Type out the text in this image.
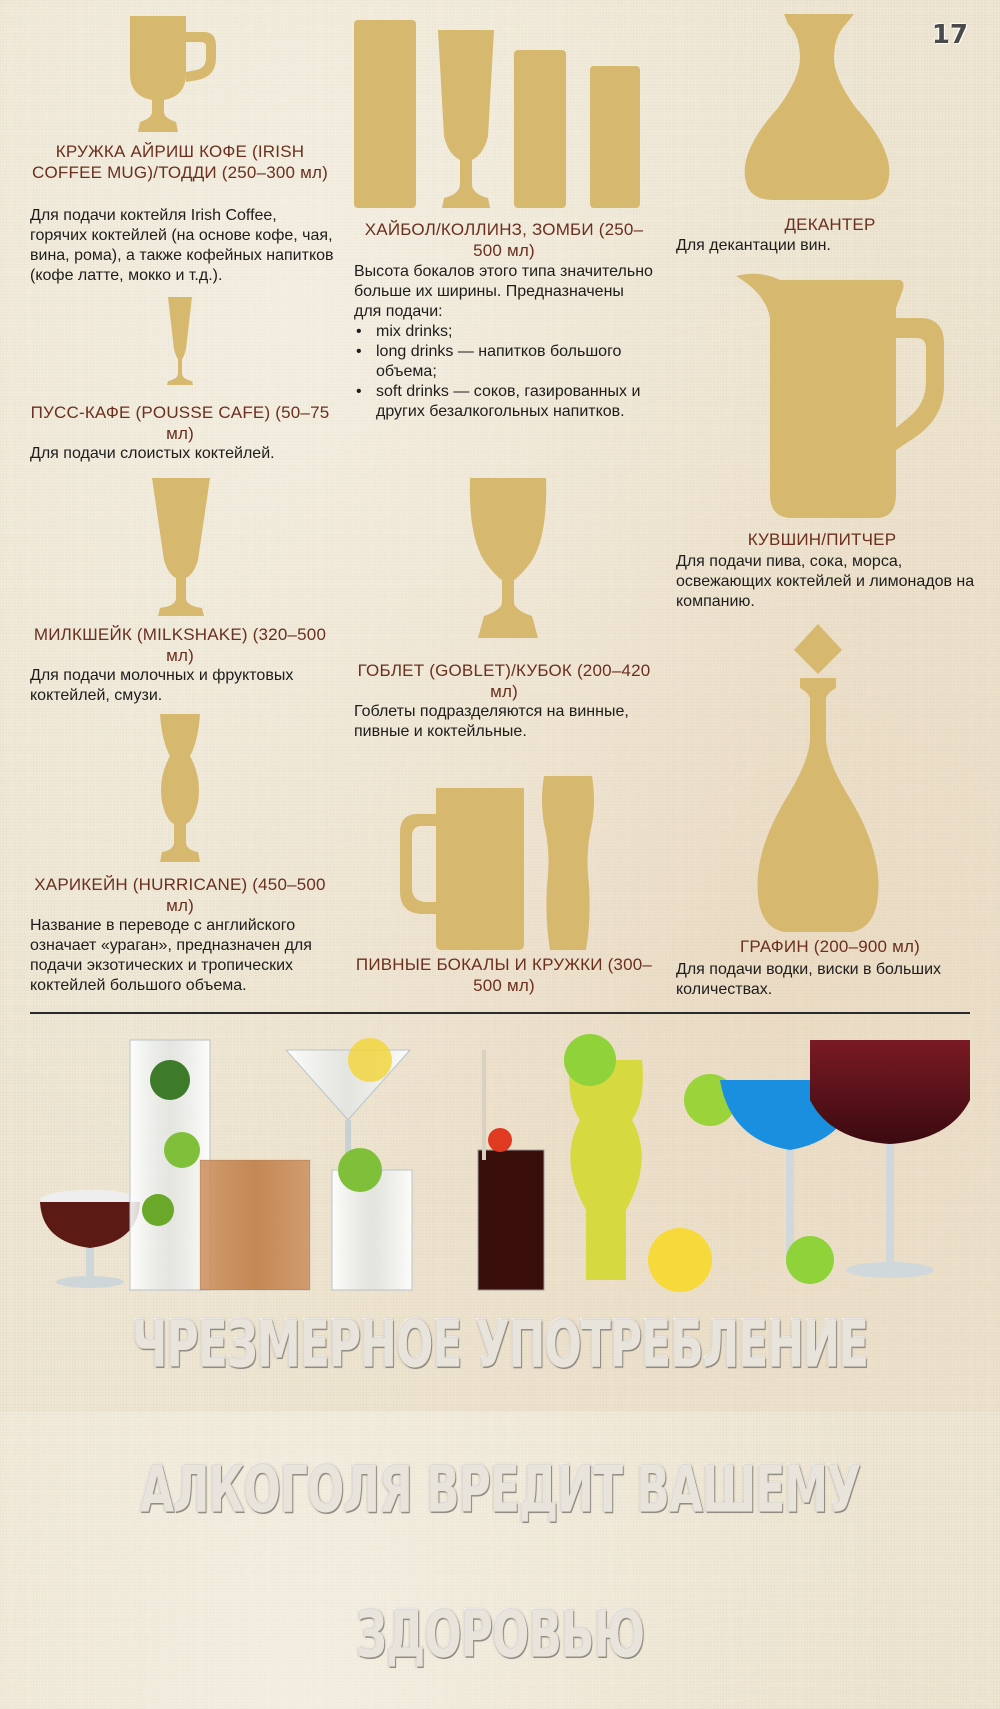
17
КРУЖКА АЙРИШ КОФЕ (IRISH COFFEE MUG)/ТОДДИ (250–300 мл)
Для подачи коктейля Irish Coffee, горячих коктейлей (на основе кофе, чая, вина, рома), а также кофейных напитков (кофе латте, мокко и т.д.).
ПУСС-КАФЕ (POUSSE CAFE) (50–75 мл)
Для подачи слоистых коктейлей.
МИЛКШЕЙК (MILKSHAKE) (320–500 мл)
Для подачи молочных и фруктовых коктейлей, смузи.
ХАРИКЕЙН (HURRICANE) (450–500 мл)
Название в переводе с английского означает «ураган», предназначен для подачи экзотических и тропических коктейлей большого объема.
ХАЙБОЛ/КОЛЛИНЗ, ЗОМБИ (250–500 мл)
Высота бокалов этого типа значительно больше их ширины. Предназначены для подачи:
• mix drinks;
• long drinks — напитков большого объема;
• soft drinks — соков, газированных и других безалкогольных напитков.
ГОБЛЕТ (GOBLET)/КУБОК (200–420 мл)
Гоблеты подразделяются на винные, пивные и коктейльные.
ПИВНЫЕ БОКАЛЫ И КРУЖКИ (300–500 мл)
ДЕКАНТЕР
Для декантации вин.
КУВШИН/ПИТЧЕР
Для подачи пива, сока, морса, освежающих коктейлей и лимонадов на компанию.
ГРАФИН (200–900 мл)
Для подачи водки, виски в больших количествах.
ЧРЕЗМЕРНОЕ УПОТРЕБЛЕНИЕ АЛКОГОЛЯ ВРЕДИТ ВАШЕМУ ЗДОРОВЬЮ
